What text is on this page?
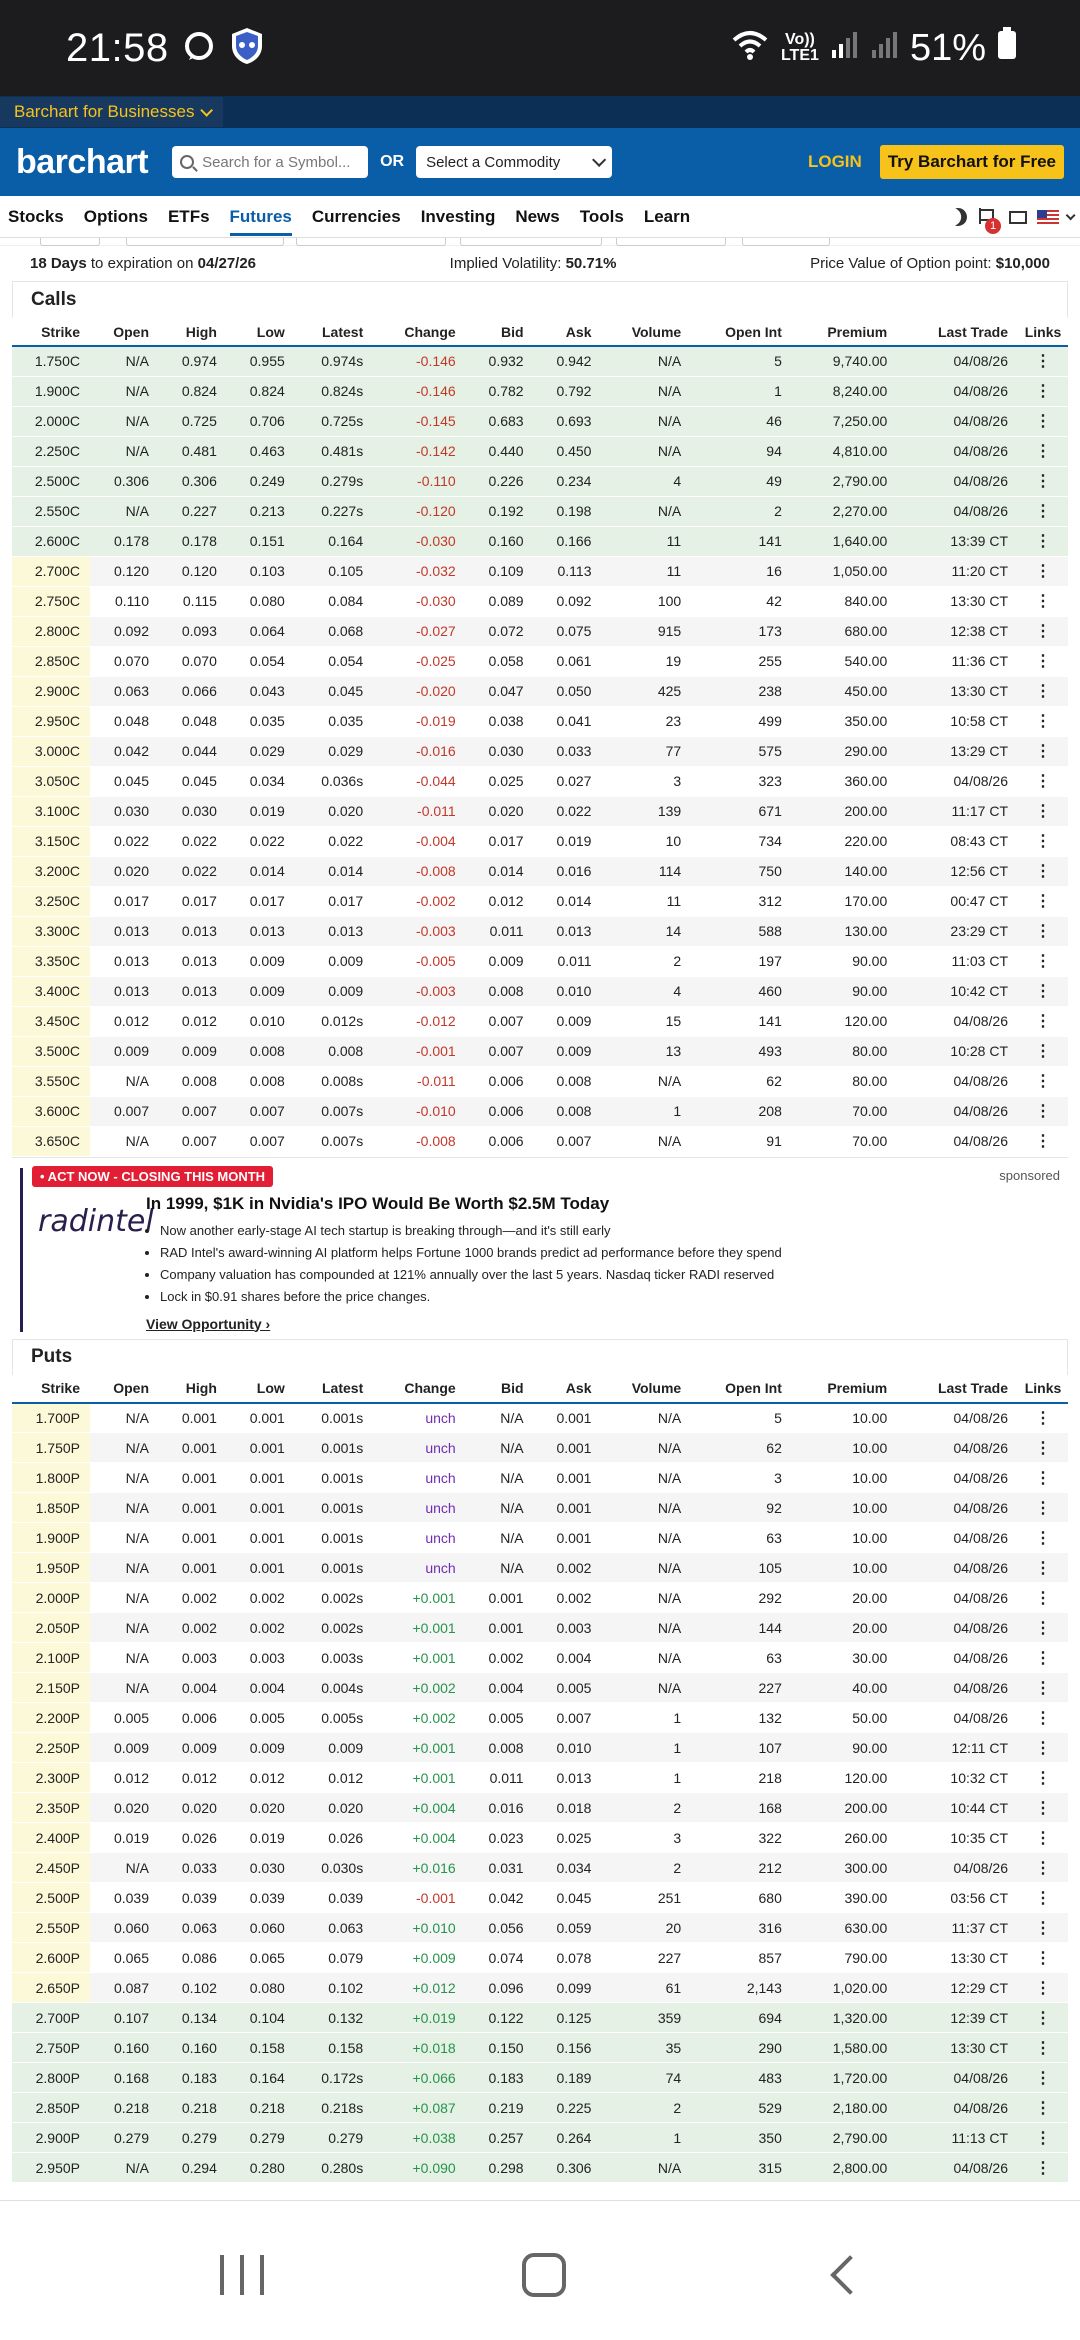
21:58	Vo)) LTE1 51%
Barchart for Businesses
barchart	Search for a Symbol... OR Select a Commodity	LOGIN	Try Barchart for Free
Stocks Options ETFs Futures Currencies Investing News Tools Learn
1
18 Days to expiration on 04/27/26	Implied Volatility: 50.71%	Price Value of Option point: $10,000
Calls
Strike	Open	High	Low	Latest	Change	Bid	Ask	Volume	Open Int	Premium	Last Trade	Links
1.750C	N/A	0.974	0.955	0.974s	-0.146	0.932	0.942	N/A	5	9,740.00	04/08/26	⋮
1.900C	N/A	0.824	0.824	0.824s	-0.146	0.782	0.792	N/A	1	8,240.00	04/08/26	⋮
2.000C	N/A	0.725	0.706	0.725s	-0.145	0.683	0.693	N/A	46	7,250.00	04/08/26	⋮
2.250C	N/A	0.481	0.463	0.481s	-0.142	0.440	0.450	N/A	94	4,810.00	04/08/26	⋮
2.500C	0.306	0.306	0.249	0.279s	-0.110	0.226	0.234	4	49	2,790.00	04/08/26	⋮
2.550C	N/A	0.227	0.213	0.227s	-0.120	0.192	0.198	N/A	2	2,270.00	04/08/26	⋮
2.600C	0.178	0.178	0.151	0.164	-0.030	0.160	0.166	11	141	1,640.00	13:39 CT	⋮
2.700C	0.120	0.120	0.103	0.105	-0.032	0.109	0.113	11	16	1,050.00	11:20 CT	⋮
2.750C	0.110	0.115	0.080	0.084	-0.030	0.089	0.092	100	42	840.00	13:30 CT	⋮
2.800C	0.092	0.093	0.064	0.068	-0.027	0.072	0.075	915	173	680.00	12:38 CT	⋮
2.850C	0.070	0.070	0.054	0.054	-0.025	0.058	0.061	19	255	540.00	11:36 CT	⋮
2.900C	0.063	0.066	0.043	0.045	-0.020	0.047	0.050	425	238	450.00	13:30 CT	⋮
2.950C	0.048	0.048	0.035	0.035	-0.019	0.038	0.041	23	499	350.00	10:58 CT	⋮
3.000C	0.042	0.044	0.029	0.029	-0.016	0.030	0.033	77	575	290.00	13:29 CT	⋮
3.050C	0.045	0.045	0.034	0.036s	-0.044	0.025	0.027	3	323	360.00	04/08/26	⋮
3.100C	0.030	0.030	0.019	0.020	-0.011	0.020	0.022	139	671	200.00	11:17 CT	⋮
3.150C	0.022	0.022	0.022	0.022	-0.004	0.017	0.019	10	734	220.00	08:43 CT	⋮
3.200C	0.020	0.022	0.014	0.014	-0.008	0.014	0.016	114	750	140.00	12:56 CT	⋮
3.250C	0.017	0.017	0.017	0.017	-0.002	0.012	0.014	11	312	170.00	00:47 CT	⋮
3.300C	0.013	0.013	0.013	0.013	-0.003	0.011	0.013	14	588	130.00	23:29 CT	⋮
3.350C	0.013	0.013	0.009	0.009	-0.005	0.009	0.011	2	197	90.00	11:03 CT	⋮
3.400C	0.013	0.013	0.009	0.009	-0.003	0.008	0.010	4	460	90.00	10:42 CT	⋮
3.450C	0.012	0.012	0.010	0.012s	-0.012	0.007	0.009	15	141	120.00	04/08/26	⋮
3.500C	0.009	0.009	0.008	0.008	-0.001	0.007	0.009	13	493	80.00	10:28 CT	⋮
3.550C	N/A	0.008	0.008	0.008s	-0.011	0.006	0.008	N/A	62	80.00	04/08/26	⋮
3.600C	0.007	0.007	0.007	0.007s	-0.010	0.006	0.008	1	208	70.00	04/08/26	⋮
3.650C	N/A	0.007	0.007	0.007s	-0.008	0.006	0.007	N/A	91	70.00	04/08/26	⋮
• ACT NOW - CLOSING THIS MONTH	sponsored
radintel
In 1999, $1K in Nvidia's IPO Would Be Worth $2.5M Today
• Now another early-stage AI tech startup is breaking through—and it's still early
• RAD Intel's award-winning AI platform helps Fortune 1000 brands predict ad performance before they spend
• Company valuation has compounded at 121% annually over the last 5 years. Nasdaq ticker RADI reserved
• Lock in $0.91 shares before the price changes.
View Opportunity ›
Puts
Strike	Open	High	Low	Latest	Change	Bid	Ask	Volume	Open Int	Premium	Last Trade	Links
1.700P	N/A	0.001	0.001	0.001s	unch	N/A	0.001	N/A	5	10.00	04/08/26	⋮
1.750P	N/A	0.001	0.001	0.001s	unch	N/A	0.001	N/A	62	10.00	04/08/26	⋮
1.800P	N/A	0.001	0.001	0.001s	unch	N/A	0.001	N/A	3	10.00	04/08/26	⋮
1.850P	N/A	0.001	0.001	0.001s	unch	N/A	0.001	N/A	92	10.00	04/08/26	⋮
1.900P	N/A	0.001	0.001	0.001s	unch	N/A	0.001	N/A	63	10.00	04/08/26	⋮
1.950P	N/A	0.001	0.001	0.001s	unch	N/A	0.002	N/A	105	10.00	04/08/26	⋮
2.000P	N/A	0.002	0.002	0.002s	+0.001	0.001	0.002	N/A	292	20.00	04/08/26	⋮
2.050P	N/A	0.002	0.002	0.002s	+0.001	0.001	0.003	N/A	144	20.00	04/08/26	⋮
2.100P	N/A	0.003	0.003	0.003s	+0.001	0.002	0.004	N/A	63	30.00	04/08/26	⋮
2.150P	N/A	0.004	0.004	0.004s	+0.002	0.004	0.005	N/A	227	40.00	04/08/26	⋮
2.200P	0.005	0.006	0.005	0.005s	+0.002	0.005	0.007	1	132	50.00	04/08/26	⋮
2.250P	0.009	0.009	0.009	0.009	+0.001	0.008	0.010	1	107	90.00	12:11 CT	⋮
2.300P	0.012	0.012	0.012	0.012	+0.001	0.011	0.013	1	218	120.00	10:32 CT	⋮
2.350P	0.020	0.020	0.020	0.020	+0.004	0.016	0.018	2	168	200.00	10:44 CT	⋮
2.400P	0.019	0.026	0.019	0.026	+0.004	0.023	0.025	3	322	260.00	10:35 CT	⋮
2.450P	N/A	0.033	0.030	0.030s	+0.016	0.031	0.034	2	212	300.00	04/08/26	⋮
2.500P	0.039	0.039	0.039	0.039	-0.001	0.042	0.045	251	680	390.00	03:56 CT	⋮
2.550P	0.060	0.063	0.060	0.063	+0.010	0.056	0.059	20	316	630.00	11:37 CT	⋮
2.600P	0.065	0.086	0.065	0.079	+0.009	0.074	0.078	227	857	790.00	13:30 CT	⋮
2.650P	0.087	0.102	0.080	0.102	+0.012	0.096	0.099	61	2,143	1,020.00	12:29 CT	⋮
2.700P	0.107	0.134	0.104	0.132	+0.019	0.122	0.125	359	694	1,320.00	12:39 CT	⋮
2.750P	0.160	0.160	0.158	0.158	+0.018	0.150	0.156	35	290	1,580.00	13:30 CT	⋮
2.800P	0.168	0.183	0.164	0.172s	+0.066	0.183	0.189	74	483	1,720.00	04/08/26	⋮
2.850P	0.218	0.218	0.218	0.218s	+0.087	0.219	0.225	2	529	2,180.00	04/08/26	⋮
2.900P	0.279	0.279	0.279	0.279	+0.038	0.257	0.264	1	350	2,790.00	11:13 CT	⋮
2.950P	N/A	0.294	0.280	0.280s	+0.090	0.298	0.306	N/A	315	2,800.00	04/08/26	⋮
